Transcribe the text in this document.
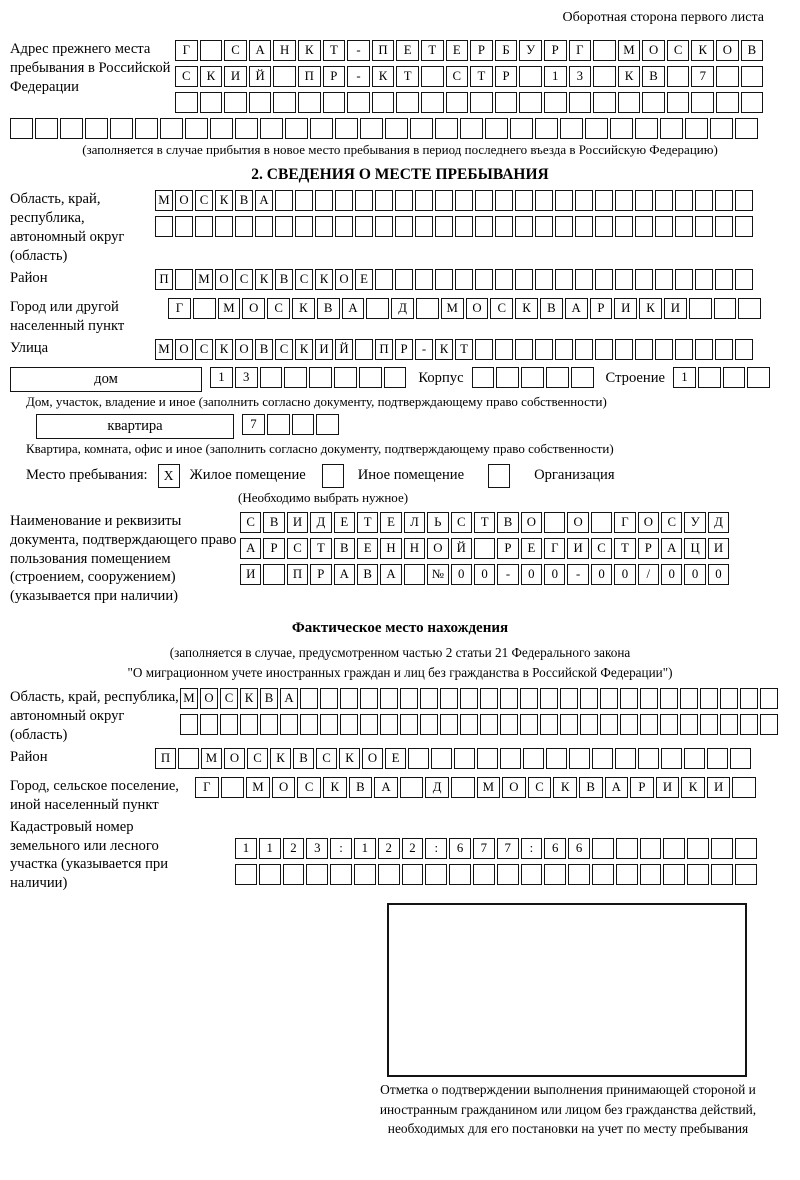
Оборотная сторона первого листа
Адрес прежнего места пребывания в Российской Федерации
Г	С	А	Н	К	Т	-	П	Е	Т	Е	Р	Б	У	Р	Г	М	О	С	К	О	В
С	К	И	Й	П	Р	-	К	Т	С	Т	Р	1	3	К	В	7
(заполняется в случае прибытия в новое место пребывания в период последнего въезда в Российскую Федерацию)
2. СВЕДЕНИЯ О МЕСТЕ ПРЕБЫВАНИЯ
Область, край, республика, автономный округ (область)
М О С К В А
Район	П	М О С К В С К О Е
Город или другой населенный пункт
Г	М	О	С	К	В	А	Д	М	О	С	К	В	А	Р	И	К	И
Улица	М О С К О В С К И Й	П Р	-	К Т
дом	1	3	Корпус	Строение	1
Дом, участок, владение и иное (заполнить согласно документу, подтверждающему право собственности)
квартира	7
Квартира, комната, офис и иное (заполнить согласно документу, подтверждающему право собственности)
Место пребывания:	X	Жилое помещение	Иное помещение	Организация
(Необходимо выбрать нужное)
Наименование и реквизиты документа, подтверждающего право пользования помещением (строением, сооружением) (указывается при наличии)
С	В	И	Д	Е	Т	Е	Л	Ь	С	Т	В	О	О	Г	О	С	У	Д
А	Р	С	Т	В	Е	Н	Н	О	Й	Р	Е	Г	И	С	Т	Р	А	Ц	И
И	П	Р	А	В	А	№	0	0	-	0	0	-	0	0	/	0	0	0
Фактическое место нахождения
(заполняется в случае, предусмотренном частью 2 статьи 21 Федерального закона
"О миграционном учете иностранных граждан и лиц без гражданства в Российской Федерации")
Область, край, республика, автономный округ (область)
М О С К В А
Район	П	М О	С	К	В	С	К	О	Е
Город, сельское поселение, иной населенный пункт
Г	М	О	С	К	В	А	Д	М	О	С	К	В	А	Р	И	К	И
Кадастровый номер земельного или лесного участка (указывается при наличии)
1	1	2	3	:	1	2	2	:	6	7	7	:	6	6
Отметка о подтверждении выполнения принимающей стороной и иностранным гражданином или лицом без гражданства действий, необходимых для его постановки на учет по месту пребывания
